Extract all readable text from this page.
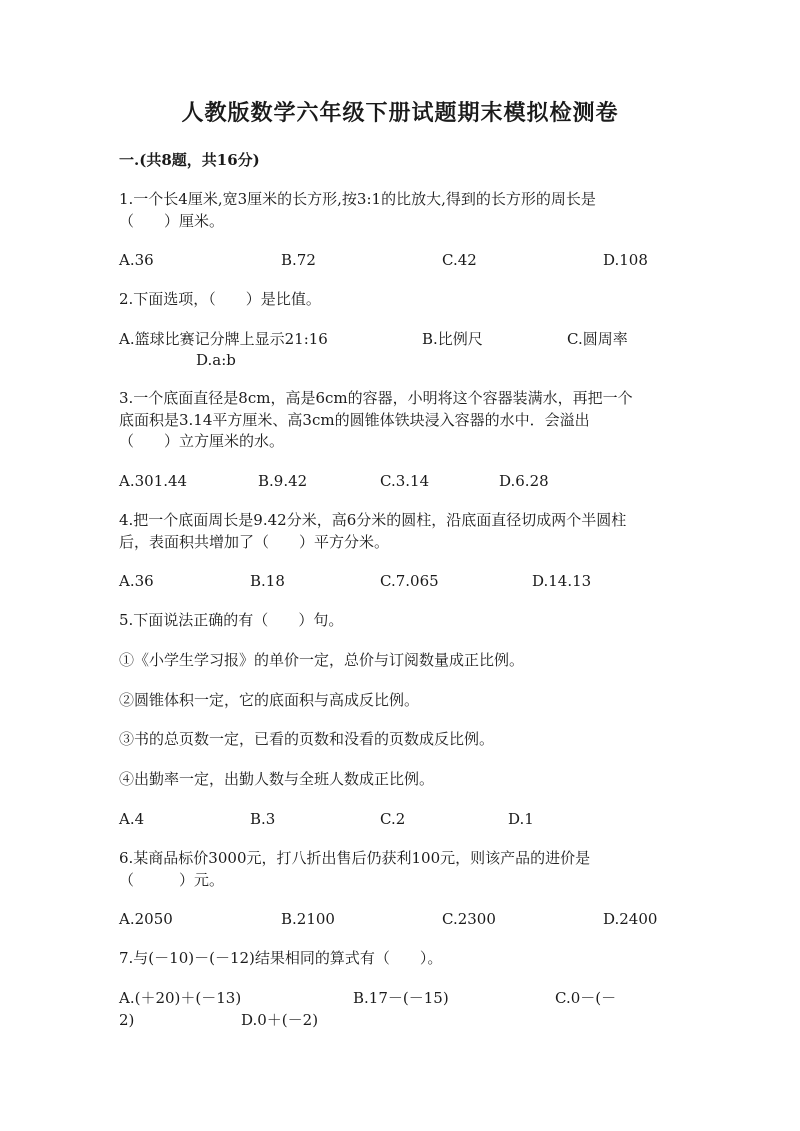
人教版数学六年级下册试题期末模拟检测卷
一.(共8题，共16分)
1.一个长4厘米,宽3厘米的长方形,按3:1的比放大,得到的长方形的周长是
（　　）厘米。
A.36	B.72	C.42	D.108
2.下面选项，（　　）是比值。
A.篮球比赛记分牌上显示21:16	B.比例尺	C.圆周率
D.a:b
3.一个底面直径是8cm，高是6cm的容器，小明将这个容器装满水，再把一个
底面积是3.14平方厘米、高3cm的圆锥体铁块浸入容器的水中．会溢出
（　　）立方厘米的水。
A.301.44	B.9.42	C.3.14	D.6.28
4.把一个底面周长是9.42分米，高6分米的圆柱，沿底面直径切成两个半圆柱
后，表面积共增加了（　　）平方分米。
A.36	B.18	C.7.065	D.14.13
5.下面说法正确的有（　　）句。
①《小学生学习报》的单价一定，总价与订阅数量成正比例。
②圆锥体积一定，它的底面积与高成反比例。
③书的总页数一定，已看的页数和没看的页数成反比例。
④出勤率一定，出勤人数与全班人数成正比例。
A.4	B.3	C.2	D.1
6.某商品标价3000元，打八折出售后仍获利100元，则该产品的进价是
（　　　）元。
A.2050	B.2100	C.2300	D.2400
7.与(－10)－(－12)结果相同的算式有（　　）。
A.(＋20)＋(－13)	B.17－(－15)	C.0－(－
2)	D.0＋(－2)
